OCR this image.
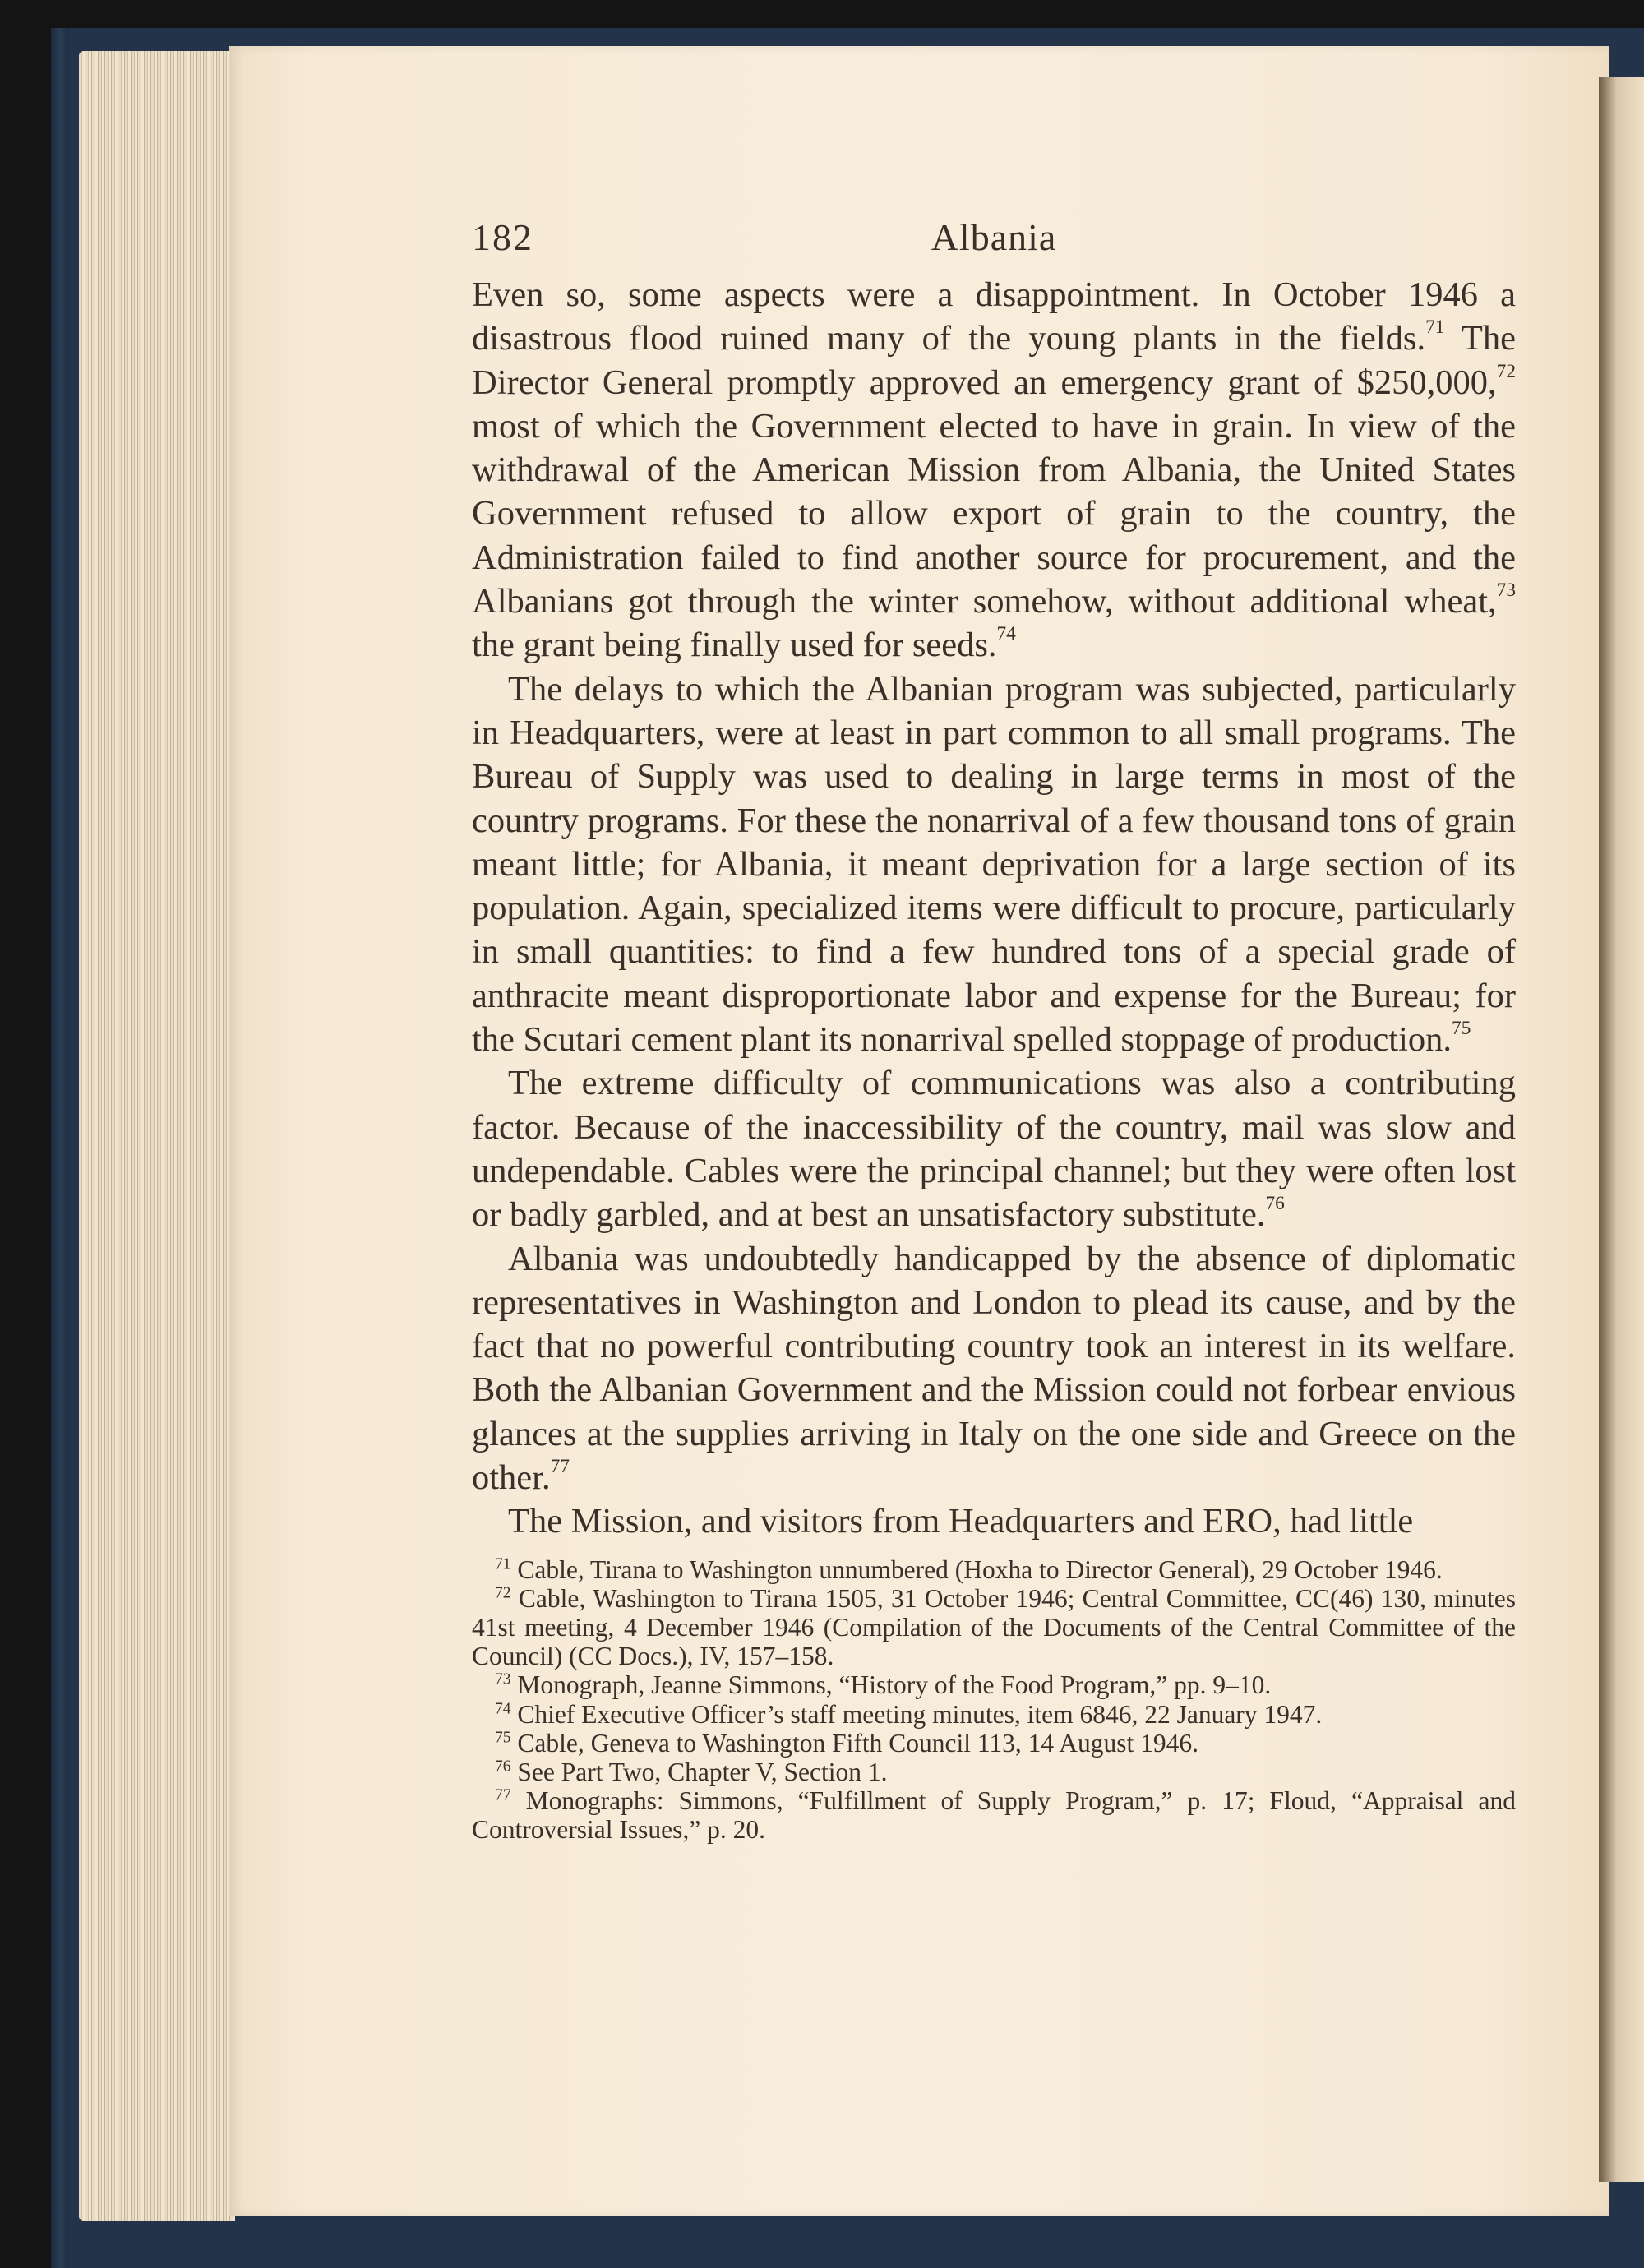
182	Albania

Even so, some aspects were a disappointment. In October 1946 a disastrous flood ruined many of the young plants in the fields.$^{71}$ The Director General promptly approved an emergency grant of $250,000,72 most of which the Government elected to have in grain. In view of the withdrawal of the American Mission from Albania, the United States Government refused to allow export of grain to the country, the Administration failed to find another source for procurement, and the Albanians got through the winter somehow, without additional wheat,$^{73}$ the grant being finally used for seeds.$^{74}$

The delays to which the Albanian program was subjected, particularly in Headquarters, were at least in part common to all small programs. The Bureau of Supply was used to dealing in large terms in most of the country programs. For these the nonarrival of a few thousand tons of grain meant little; for Albania, it meant deprivation for a large section of its population. Again, specialized items were difficult to procure, particularly in small quantities: to find a few hundred tons of a special grade of anthracite meant disproportionate labor and expense for the Bureau; for the Scutari cement plant its nonarrival spelled stoppage of production.$^{75}$

The extreme difficulty of communications was also a contributing factor. Because of the inaccessibility of the country, mail was slow and undependable. Cables were the principal channel; but they were often lost or badly garbled, and at best an unsatisfactory substitute.$^{76}$

Albania was undoubtedly handicapped by the absence of diplomatic representatives in Washington and London to plead its cause, and by the fact that no powerful contributing country took an interest in its welfare. Both the Albanian Government and the Mission could not forbear envious glances at the supplies arriving in Italy on the one side and Greece on the other.$^{77}$

The Mission, and visitors from Headquarters and ERO, had little

$^{71}$ Cable, Tirana to Washington unnumbered (Hoxha to Director General), 29 October 1946.

$^{72}$ Cable, Washington to Tirana 1505, 31 October 1946; Central Committee, CC(46) 130, minutes 41st meeting, 4 December 1946 (Compilation of the Documents of the Central Committee of the Council) (CC Docs.), IV, 157–158.

$^{73}$ Monograph, Jeanne Simmons, “History of the Food Program,” pp. 9–10.

$^{74}$ Chief Executive Officer’s staff meeting minutes, item 6846, 22 January 1947.

$^{75}$ Cable, Geneva to Washington Fifth Council 113, 14 August 1946.

$^{76}$ See Part Two, Chapter V, Section 1.

$^{77}$ Monographs: Simmons, “Fulfillment of Supply Program,” p. 17; Floud, “Appraisal and Controversial Issues,” p. 20.
